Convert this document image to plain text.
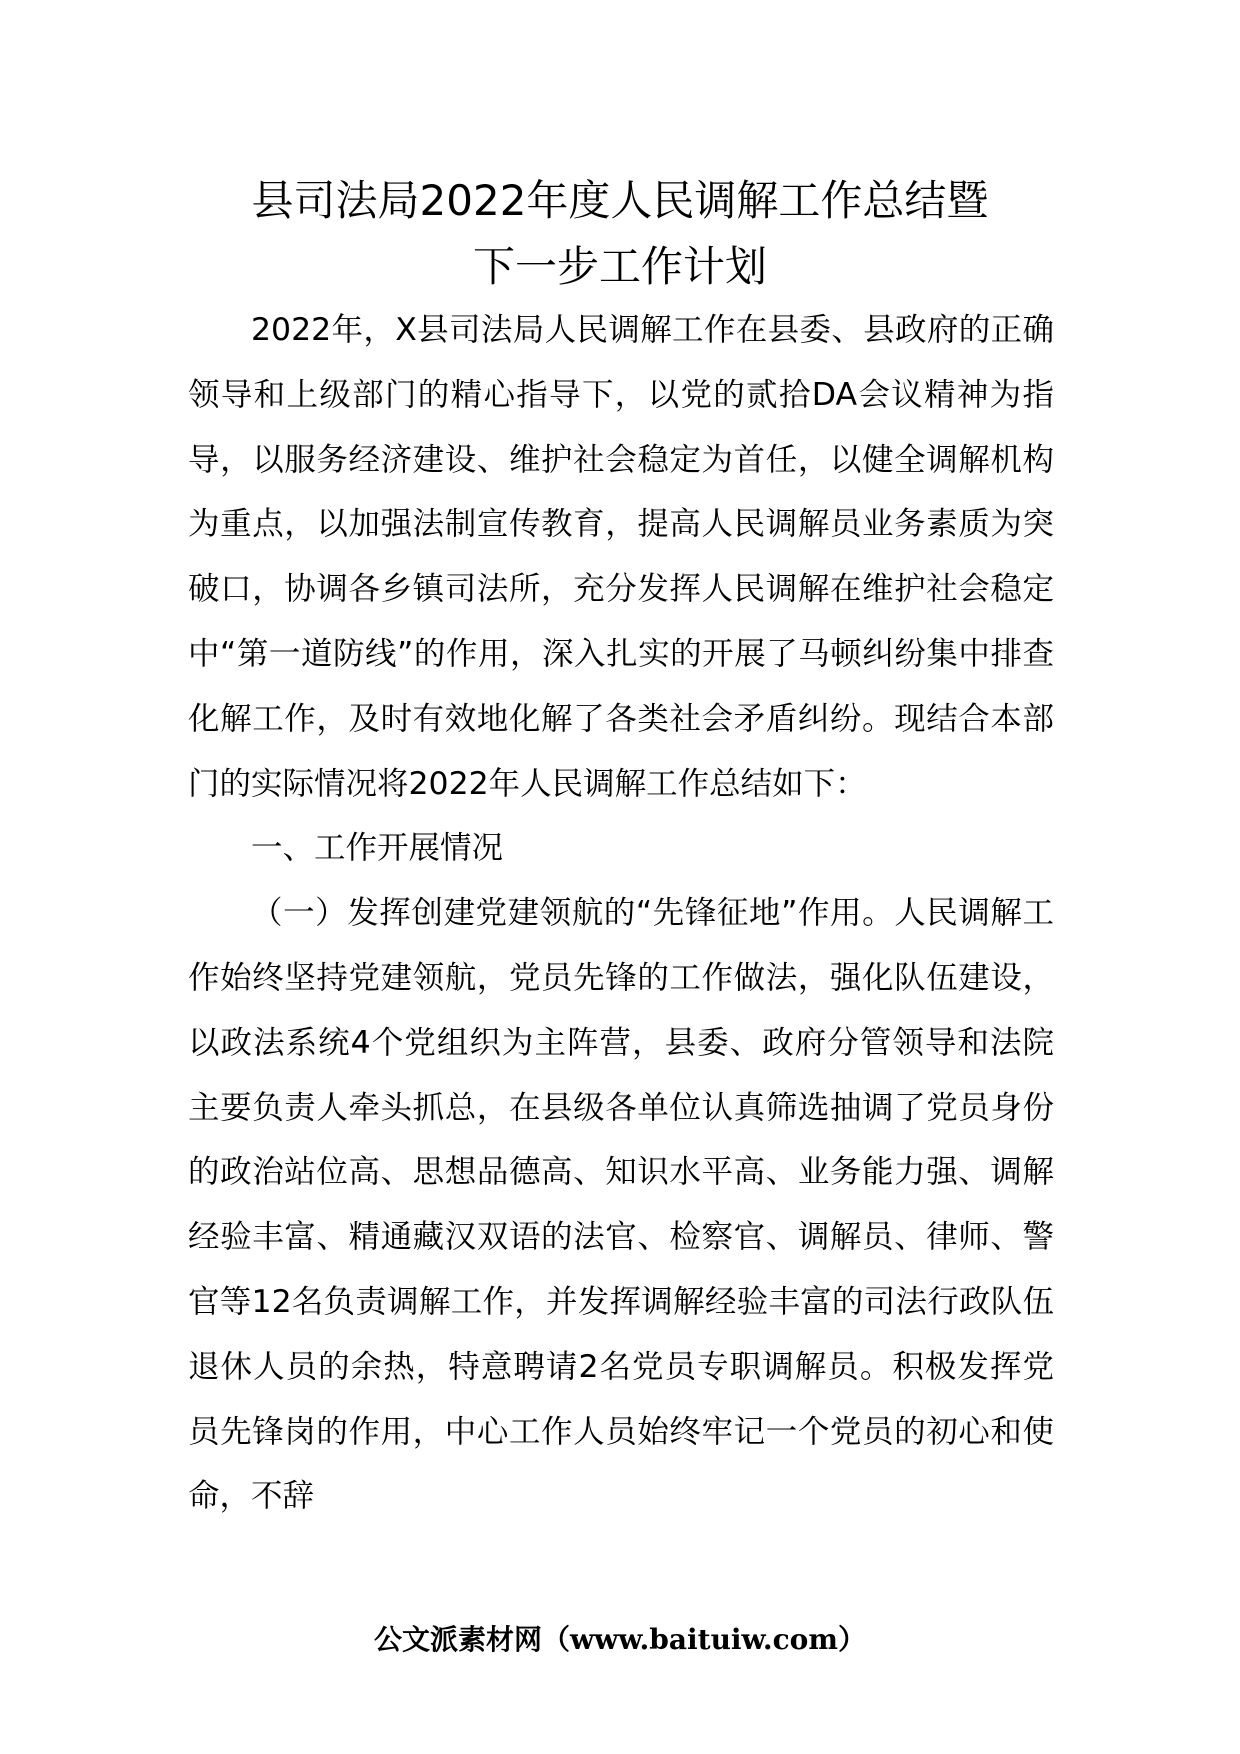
县司法局2022年度人民调解工作总结暨
下一步工作计划

2022年，X县司法局人民调解工作在县委、县政府的正确领导和上级部门的精心指导下，以党的贰拾DA会议精神为指导，以服务经济建设、维护社会稳定为首任，以健全调解机构为重点，以加强法制宣传教育，提高人民调解员业务素质为突破口，协调各乡镇司法所，充分发挥人民调解在维护社会稳定中“第一道防线”的作用，深入扎实的开展了马顿纠纷集中排查化解工作，及时有效地化解了各类社会矛盾纠纷。现结合本部门的实际情况将2022年人民调解工作总结如下：

一、工作开展情况

（一）发挥创建党建领航的“先锋征地”作用。人民调解工作始终坚持党建领航，党员先锋的工作做法，强化队伍建设，以政法系统4个党组织为主阵营，县委、政府分管领导和法院主要负责人牵头抓总，在县级各单位认真筛选抽调了党员身份的政治站位高、思想品德高、知识水平高、业务能力强、调解经验丰富、精通藏汉双语的法官、检察官、调解员、律师、警官等12名负责调解工作，并发挥调解经验丰富的司法行政队伍退休人员的余热，特意聘请2名党员专职调解员。积极发挥党员先锋岗的作用，中心工作人员始终牢记一个党员的初心和使命，不辞

公文派素材网（www.baituiw.com）
